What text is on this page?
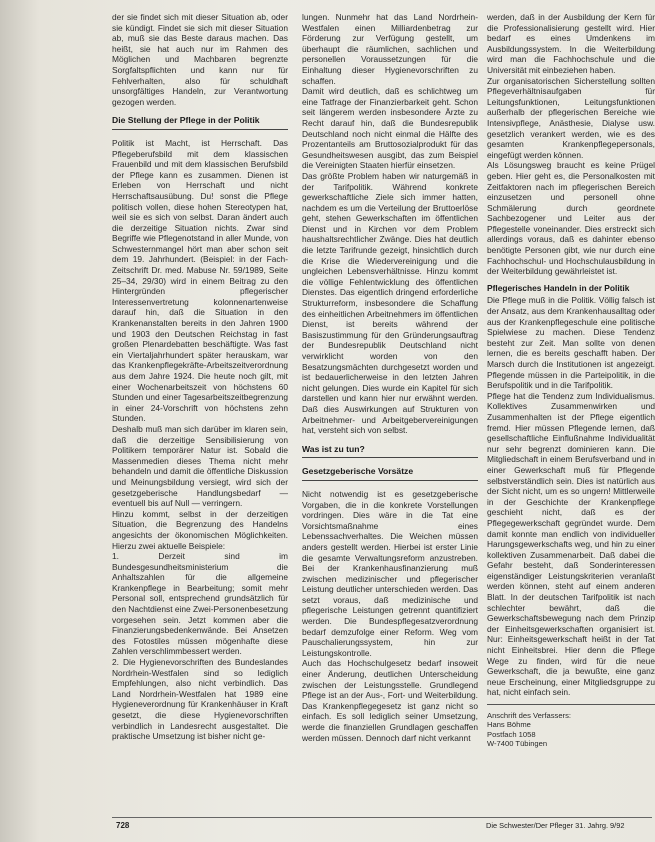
der sie findet sich mit dieser Situation ab, oder sie kündigt. Findet sie sich mit dieser Situation ab, muß sie das Beste daraus machen. Das heißt, sie hat auch nur im Rahmen des Möglichen und Machbaren begrenzte Sorgfaltspflichten und kann nur für Fehlverhalten, also für schuldhaft unsorgfältiges Handeln, zur Verantwortung gezogen werden.

Die Stellung der Pflege in der Politik

Politik ist Macht, ist Herrschaft. Das Pflegeberufsbild mit dem klassischen Frauenbild und mit dem klassischen Berufsbild der Pflege kann es zusammen. Dienen ist Erleben von Herrschaft und nicht Herrschaftsausübung. Du! sonst die Pflege politisch vollen, diese hohen Stereotypen hat, weil sie es sich von selbst. Daran ändert auch die derzeitige Situation nichts. Zwar sind Begriffe wie Pflegenotstand in aller Munde, von Schwesternmangel hört man aber schon seit dem 19. Jahrhundert. (Beispiel: in der Fach-Zeitschrift Dr. med. Mabuse Nr. 59/1989, Seite 25–34, 29/30) wird in einem Beitrag zu den Hintergründen pflegerischer Interessenvertretung kolonnenartenweise darauf hin, daß die Situation in den Krankenanstalten bereits in den Jahren 1900 und 1903 den Deutschen Reichstag in fast großen Plenardebatten beschäftigte. Was fast ein Viertaljahrhundert später herauskam, war das Krankenpflegekräfte-Arbeitszeitverordnung aus dem Jahre 1924. Die heute noch gilt, mit einer Wochenarbeitszeit von höchstens 60 Stunden und einer Tagesarbeitszeitbegrenzung in einer 24-Vorschrift von höchstens zehn Stunden.

Deshalb muß man sich darüber im klaren sein, daß die derzeitige Sensibilisierung von Politikern temporärer Natur ist. Sobald die Massenmedien dieses Thema nicht mehr behandeln und damit die öffentliche Diskussion und Meinungsbildung versiegt, wird sich der gesetzgeberische Handlungsbedarf — eventuell bis auf Null — verringern.

Hinzu kommt, selbst in der derzeitigen Situation, die Begrenzung des Handelns angesichts der ökonomischen Möglichkeiten. Hierzu zwei aktuelle Beispiele:

1. Derzeit sind im Bundesgesundheitsministerium die Anhaltszahlen für die allgemeine Krankenpflege in Bearbeitung; somit mehr Personal soll, entsprechend grundsätzlich für den Nachtdienst eine Zwei-Personenbesetzung vorgesehen sein. Jetzt kommen aber die Finanzierungsbedenkenwände. Bei Ansetzen des Fotostiles müssen mögenhafte diese Zahlen verschlimmbessert werden.

2. Die Hygienevorschriften des Bundeslandes Nordrhein-Westfalen sind so lediglich Empfehlungen, also nicht verbindlich. Das Land Nordrhein-Westfalen hat 1989 eine Hygieneverordnung für Krankenhäuser in Kraft gesetzt, die diese Hygienevorschriften verbindlich in Landesrecht ausgestaltet. Die praktische Umsetzung ist bisher nicht ge-

lungen. Nunmehr hat das Land Nordrhein-Westfalen einen Milliardenbetrag zur Förderung zur Verfügung gestellt, um überhaupt die räumlichen, sachlichen und personellen Voraussetzungen für die Einhaltung dieser Hygienevorschriften zu schaffen.

Damit wird deutlich, daß es schlichtweg um eine Tatfrage der Finanzierbarkeit geht. Schon seit längerem werden insbesondere Ärzte zu Recht darauf hin, daß die Bundesrepublik Deutschland noch nicht einmal die Hälfte des Prozentanteils am Bruttosozialprodukt für das Gesundheitswesen ausgibt, das zum Beispiel die Vereinigten Staaten hierfür einsetzen.

Das größte Problem haben wir naturgemäß in der Tarifpolitik. Während konkrete gewerkschaftliche Ziele sich immer hatten, nachdem es um die Verteilung der Bruttoerlöse geht, stehen Gewerkschaften im öffentlichen Dienst und in Kirchen vor dem Problem haushaltsrechtlicher Zwänge. Dies hat deutlich die letzte Tarifrunde gezeigt, hinsichtlich durch die Krise die Wiedervereinigung und die ungleichen Lebensverhältnisse. Hinzu kommt die völlige Fehlentwicklung des öffentlichen Dienstes. Das eigentlich dringend erforderliche Strukturreform, insbesondere die Schaffung des einheitlichen Arbeitnehmers im öffentlichen Dienst, ist bereits während der Basiszustimmung für den Gründerungsauftrag der Bundesrepublik Deutschland nicht verwirklicht worden von den Besatzungsmächten durchgesetzt worden und ist bedauerlicherweise in den letzten Jahren nicht gelungen. Dies wurde ein Kapitel für sich darstellen und kann hier nur erwähnt werden. Daß dies Auswirkungen auf Strukturen von Arbeitnehmer- und Arbeitgebervereinigungen hat, versteht sich von selbst.

Was ist zu tun?
Gesetzgeberische Vorsätze

Nicht notwendig ist es gesetzgeberische Vorgaben, die in die konkrete Vorstellungen vordringen. Dies wäre in die Tat eine Vorsichtsmaßnahme eines Lebenssachverhaltes. Die Weichen müssen anders gestellt werden. Hierbei ist erster Linie die gesamte Verwaltungsreform anzustreben. Bei der Krankenhausfinanzierung muß zwischen medizinischer und pflegerischer Leistung deutlicher unterschieden werden. Das setzt voraus, daß medizinische und pflegerische Leistungen getrennt quantifiziert werden. Die Bundespflegesatzverordnung bedarf demzufolge einer Reform. Weg vom Pauschalierungssystem, hin zur Leistungskontrolle.

Auch das Hochschulgesetz bedarf insoweit einer Änderung, deutlichen Unterscheidung zwischen der Leistungsstelle. Grundlegend Pflege ist an der Aus-, Fort- und Weiterbildung. Das Krankenpflegegesetz ist ganz nicht so einfach. Es soll lediglich seiner Umsetzung, werde die finanziellen Grundlagen geschaffen werden müssen. Dennoch darf nicht verkannt

werden, daß in der Ausbildung der Kern für die Professionalisierung gestellt wird. Hier bedarf es eines Umdenkens im Ausbildungssystem. In die Weiterbildung wird man die Fachhochschule und die Universität mit einbeziehen haben.

Zur organisatorischen Sicherstellung sollten Pflegeverhältnisaufgaben für Leitungsfunktionen, Leitungsfunktionen außerhalb der pflegerischen Bereiche wie Intensivpflege, Anästhesie, Dialyse usw. gesetzlich verankert werden, wie es des gesamten Krankenpflegepersonals, eingefügt werden können.

Als Lösungsweg braucht es keine Prügel geben. Hier geht es, die Personalkosten mit Zeitfaktoren nach im pflegerischen Bereich einzusetzen und personell ohne Schmälerung durch geordnete Sachbezogener und Leiter aus der Pflegestelle voneinander. Dies erstreckt sich allerdings voraus, daß es dahinter ebenso benötigte Personen gibt, wie nur durch eine Fachhochschul- und Hochschulausbildung in der Weiterbildung gewährleistet ist.

Pflegerisches Handeln in der Politik

Die Pflege muß in die Politik. Völlig falsch ist der Ansatz, aus dem Krankenhausalltag oder aus der Krankenpflegeschule eine politische Spielwiese zu machen. Diese Tendenz besteht zur Zeit. Man sollte von denen lernen, die es bereits geschafft haben. Der Marsch durch die Institutionen ist angezeigt. Pflegende müssen in die Parteipolitik, in die Berufspolitik und in die Tarifpolitik.

Pflege hat die Tendenz zum Individualismus. Kollektives Zusammenwirken und Zusammenhalten ist der Pflege eigentlich fremd. Hier müssen Pflegende lernen, daß gesellschaftliche Einflußnahme Individualität nur sehr begrenzt dominieren kann. Die Mitgliedschaft in einem Berufsverband und in einer Gewerkschaft muß für Pflegende selbstverständlich sein. Dies ist natürlich aus der Sicht nicht, um es so ungern! Mittlerweile in der Geschichte der Krankenpflege geschieht nicht, daß es der Pflegegewerkschaft gegründet wurde. Dem damit konnte man endlich von individueller Harungsgewerkschafts weg, und hin zu einer kollektiven Zusammenarbeit. Daß dabei die Gefahr besteht, daß Sonderinteressen eigenständiger Leistungskriterien veranlaßt werden können, steht auf einem anderen Blatt. In der deutschen Tarifpolitik ist nach schlechter bewährt, daß die Gewerkschaftsbewegung nach dem Prinzip der Einheitsgewerkschaften organisiert ist. Nur: Einheitsgewerkschaft heißt in der Tat nicht Einheitsbrei. Hier denn die Pflege Wege zu finden, wird für die neue Gewerkschaft, die ja bewußte, eine ganz neue Erscheinung, einer Mitgliedsgruppe zu hat, nicht einfach sein.

Anschrift des Verfassers:
Hans Böhme
Postfach 1058
W-7400 Tübingen
728	Die Schwester/Der Pfleger 31. Jahrg. 9/92
